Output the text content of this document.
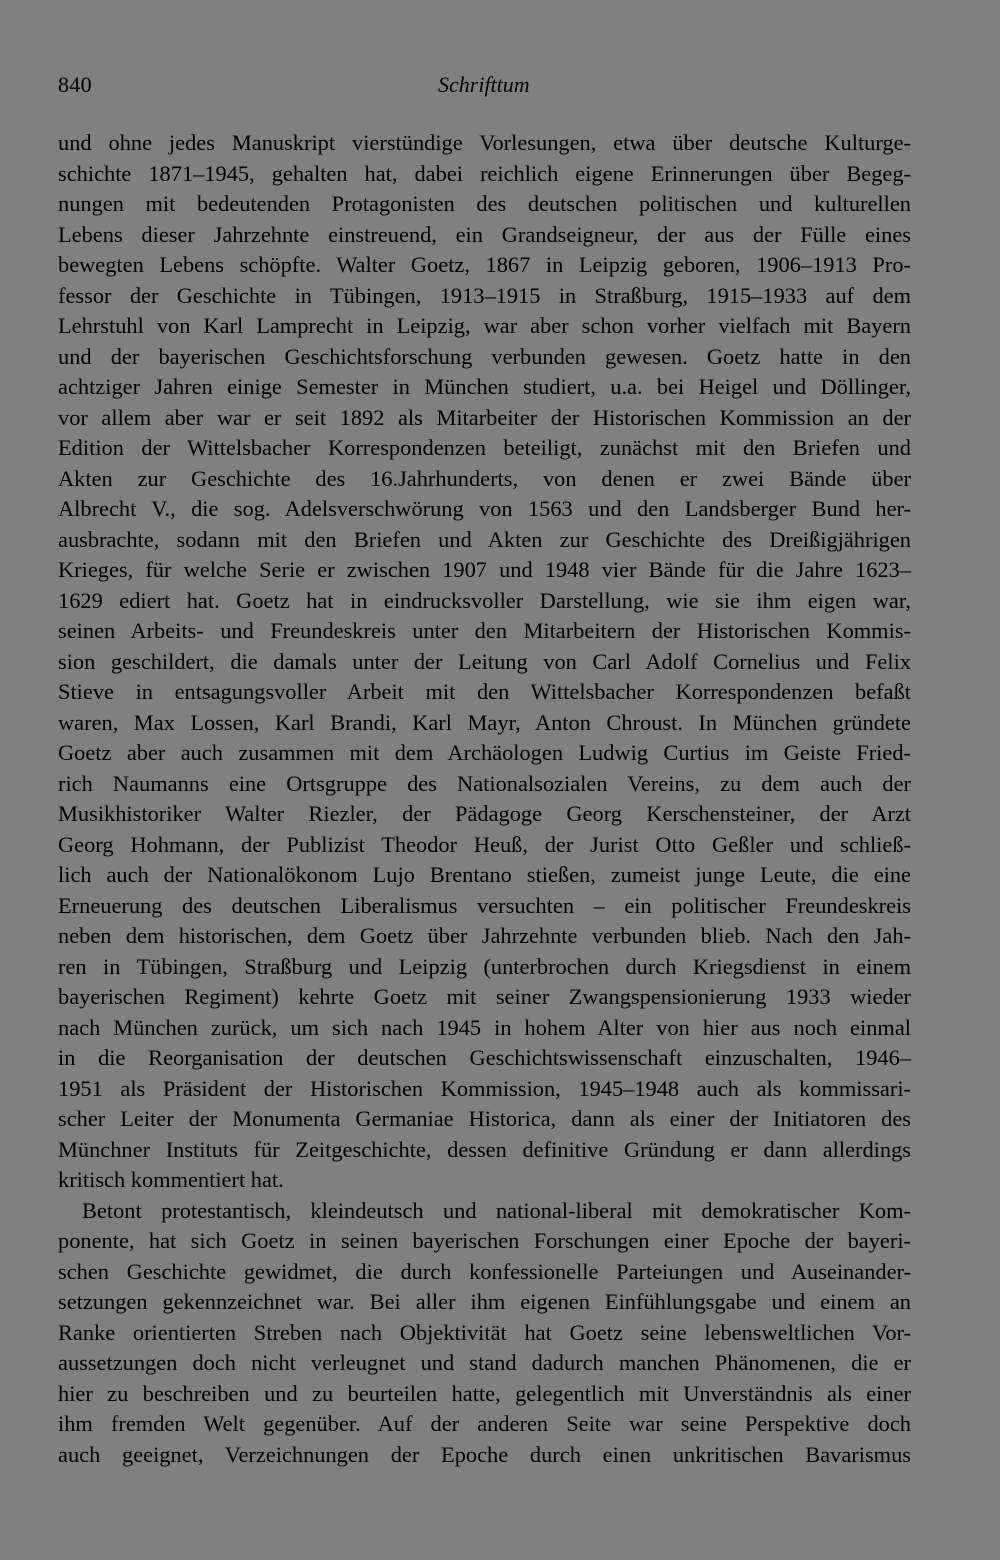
840	Schrifttum
und ohne jedes Manuskript vierstündige Vorlesungen, etwa über deutsche Kulturge-
schichte 1871–1945, gehalten hat, dabei reichlich eigene Erinnerungen über Begeg-
nungen mit bedeutenden Protagonisten des deutschen politischen und kulturellen
Lebens dieser Jahrzehnte einstreuend, ein Grandseigneur, der aus der Fülle eines
bewegten Lebens schöpfte. Walter Goetz, 1867 in Leipzig geboren, 1906–1913 Pro-
fessor der Geschichte in Tübingen, 1913–1915 in Straßburg, 1915–1933 auf dem
Lehrstuhl von Karl Lamprecht in Leipzig, war aber schon vorher vielfach mit Bayern
und der bayerischen Geschichtsforschung verbunden gewesen. Goetz hatte in den
achtziger Jahren einige Semester in München studiert, u.a. bei Heigel und Döllinger,
vor allem aber war er seit 1892 als Mitarbeiter der Historischen Kommission an der
Edition der Wittelsbacher Korrespondenzen beteiligt, zunächst mit den Briefen und
Akten zur Geschichte des 16.Jahrhunderts, von denen er zwei Bände über
Albrecht V., die sog. Adelsverschwörung von 1563 und den Landsberger Bund her-
ausbrachte, sodann mit den Briefen und Akten zur Geschichte des Dreißigjährigen
Krieges, für welche Serie er zwischen 1907 und 1948 vier Bände für die Jahre 1623–
1629 ediert hat. Goetz hat in eindrucksvoller Darstellung, wie sie ihm eigen war,
seinen Arbeits- und Freundeskreis unter den Mitarbeitern der Historischen Kommis-
sion geschildert, die damals unter der Leitung von Carl Adolf Cornelius und Felix
Stieve in entsagungsvoller Arbeit mit den Wittelsbacher Korrespondenzen befaßt
waren, Max Lossen, Karl Brandi, Karl Mayr, Anton Chroust. In München gründete
Goetz aber auch zusammen mit dem Archäologen Ludwig Curtius im Geiste Fried-
rich Naumanns eine Ortsgruppe des Nationalsozialen Vereins, zu dem auch der
Musikhistoriker Walter Riezler, der Pädagoge Georg Kerschensteiner, der Arzt
Georg Hohmann, der Publizist Theodor Heuß, der Jurist Otto Geßler und schließ-
lich auch der Nationalökonom Lujo Brentano stießen, zumeist junge Leute, die eine
Erneuerung des deutschen Liberalismus versuchten – ein politischer Freundeskreis
neben dem historischen, dem Goetz über Jahrzehnte verbunden blieb. Nach den Jah-
ren in Tübingen, Straßburg und Leipzig (unterbrochen durch Kriegsdienst in einem
bayerischen Regiment) kehrte Goetz mit seiner Zwangspensionierung 1933 wieder
nach München zurück, um sich nach 1945 in hohem Alter von hier aus noch einmal
in die Reorganisation der deutschen Geschichtswissenschaft einzuschalten, 1946–
1951 als Präsident der Historischen Kommission, 1945–1948 auch als kommissari-
scher Leiter der Monumenta Germaniae Historica, dann als einer der Initiatoren des
Münchner Instituts für Zeitgeschichte, dessen definitive Gründung er dann allerdings
kritisch kommentiert hat.
Betont protestantisch, kleindeutsch und national-liberal mit demokratischer Kom-
ponente, hat sich Goetz in seinen bayerischen Forschungen einer Epoche der bayeri-
schen Geschichte gewidmet, die durch konfessionelle Parteiungen und Auseinander-
setzungen gekennzeichnet war. Bei aller ihm eigenen Einfühlungsgabe und einem an
Ranke orientierten Streben nach Objektivität hat Goetz seine lebensweltlichen Vor-
aussetzungen doch nicht verleugnet und stand dadurch manchen Phänomenen, die er
hier zu beschreiben und zu beurteilen hatte, gelegentlich mit Unverständnis als einer
ihm fremden Welt gegenüber. Auf der anderen Seite war seine Perspektive doch
auch geeignet, Verzeichnungen der Epoche durch einen unkritischen Bavarismus
